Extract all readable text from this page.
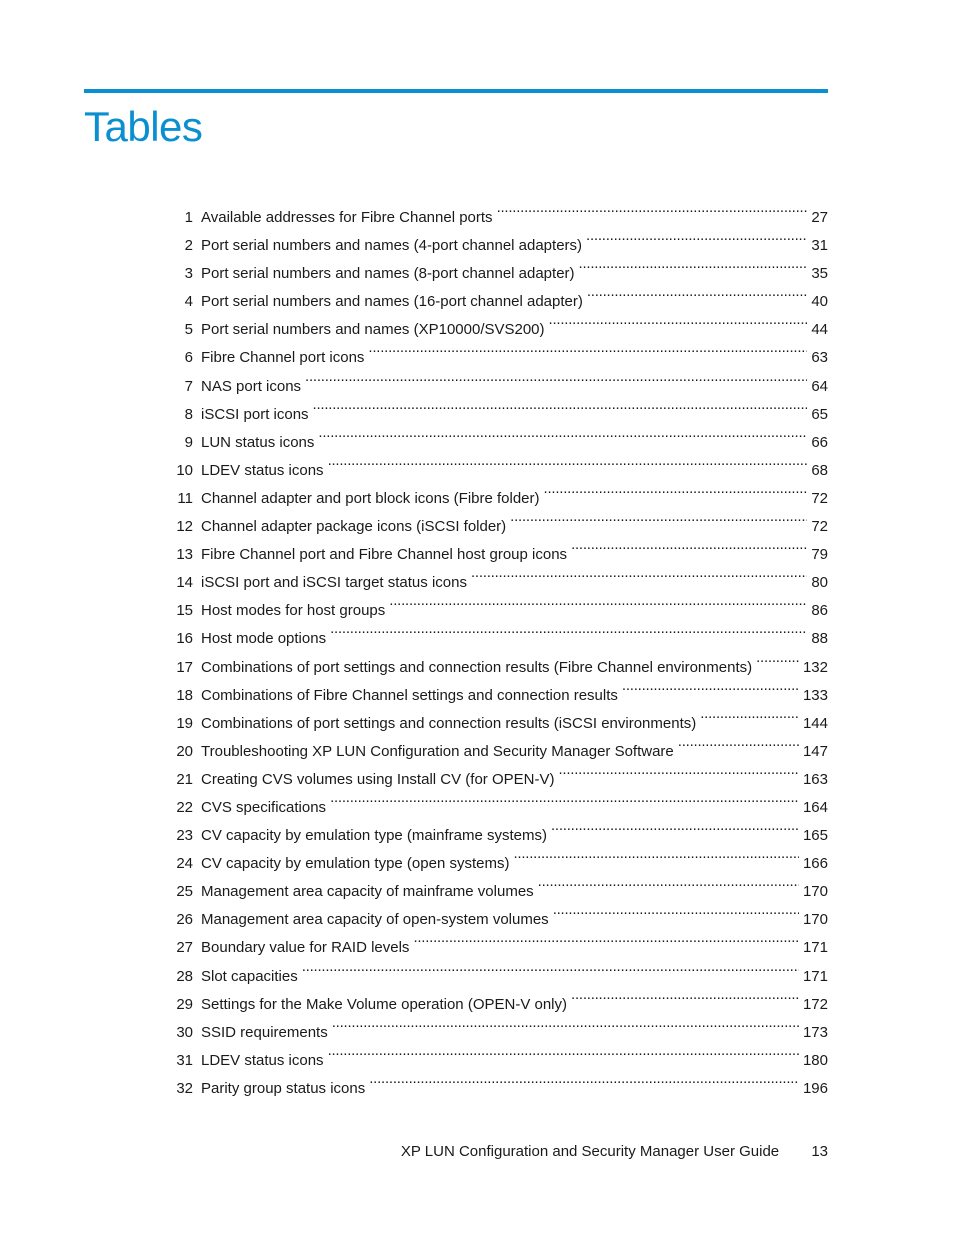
Tables
1 Available addresses for Fibre Channel ports . . .	27
2 Port serial numbers and names (4-port channel adapters) . . .	31
3 Port serial numbers and names (8-port channel adapter) . . .	35
4 Port serial numbers and names (16-port channel adapter) . . .	40
5 Port serial numbers and names (XP10000/SVS200) . . .	44
6 Fibre Channel port icons . . .	63
7 NAS port icons . . .	64
8 iSCSI port icons . . .	65
9 LUN status icons . . .	66
10 LDEV status icons . . .	68
11 Channel adapter and port block icons (Fibre folder) . . .	72
12 Channel adapter package icons (iSCSI folder) . . .	72
13 Fibre Channel port and Fibre Channel host group icons . . .	79
14 iSCSI port and iSCSI target status icons . . .	80
15 Host modes for host groups . . .	86
16 Host mode options . . .	88
17 Combinations of port settings and connection results (Fibre Channel environments) . . .	132
18 Combinations of Fibre Channel settings and connection results . . .	133
19 Combinations of port settings and connection results (iSCSI environments) . . .	144
20 Troubleshooting XP LUN Configuration and Security Manager Software . . .	147
21 Creating CVS volumes using Install CV (for OPEN-V) . . .	163
22 CVS specifications . . .	164
23 CV capacity by emulation type (mainframe systems) . . .	165
24 CV capacity by emulation type (open systems) . . .	166
25 Management area capacity of mainframe volumes . . .	170
26 Management area capacity of open-system volumes . . .	170
27 Boundary value for RAID levels . . .	171
28 Slot capacities . . .	171
29 Settings for the Make Volume operation (OPEN-V only) . . .	172
30 SSID requirements . . .	173
31 LDEV status icons . . .	180
32 Parity group status icons . . .	196
XP LUN Configuration and Security Manager User Guide 13
